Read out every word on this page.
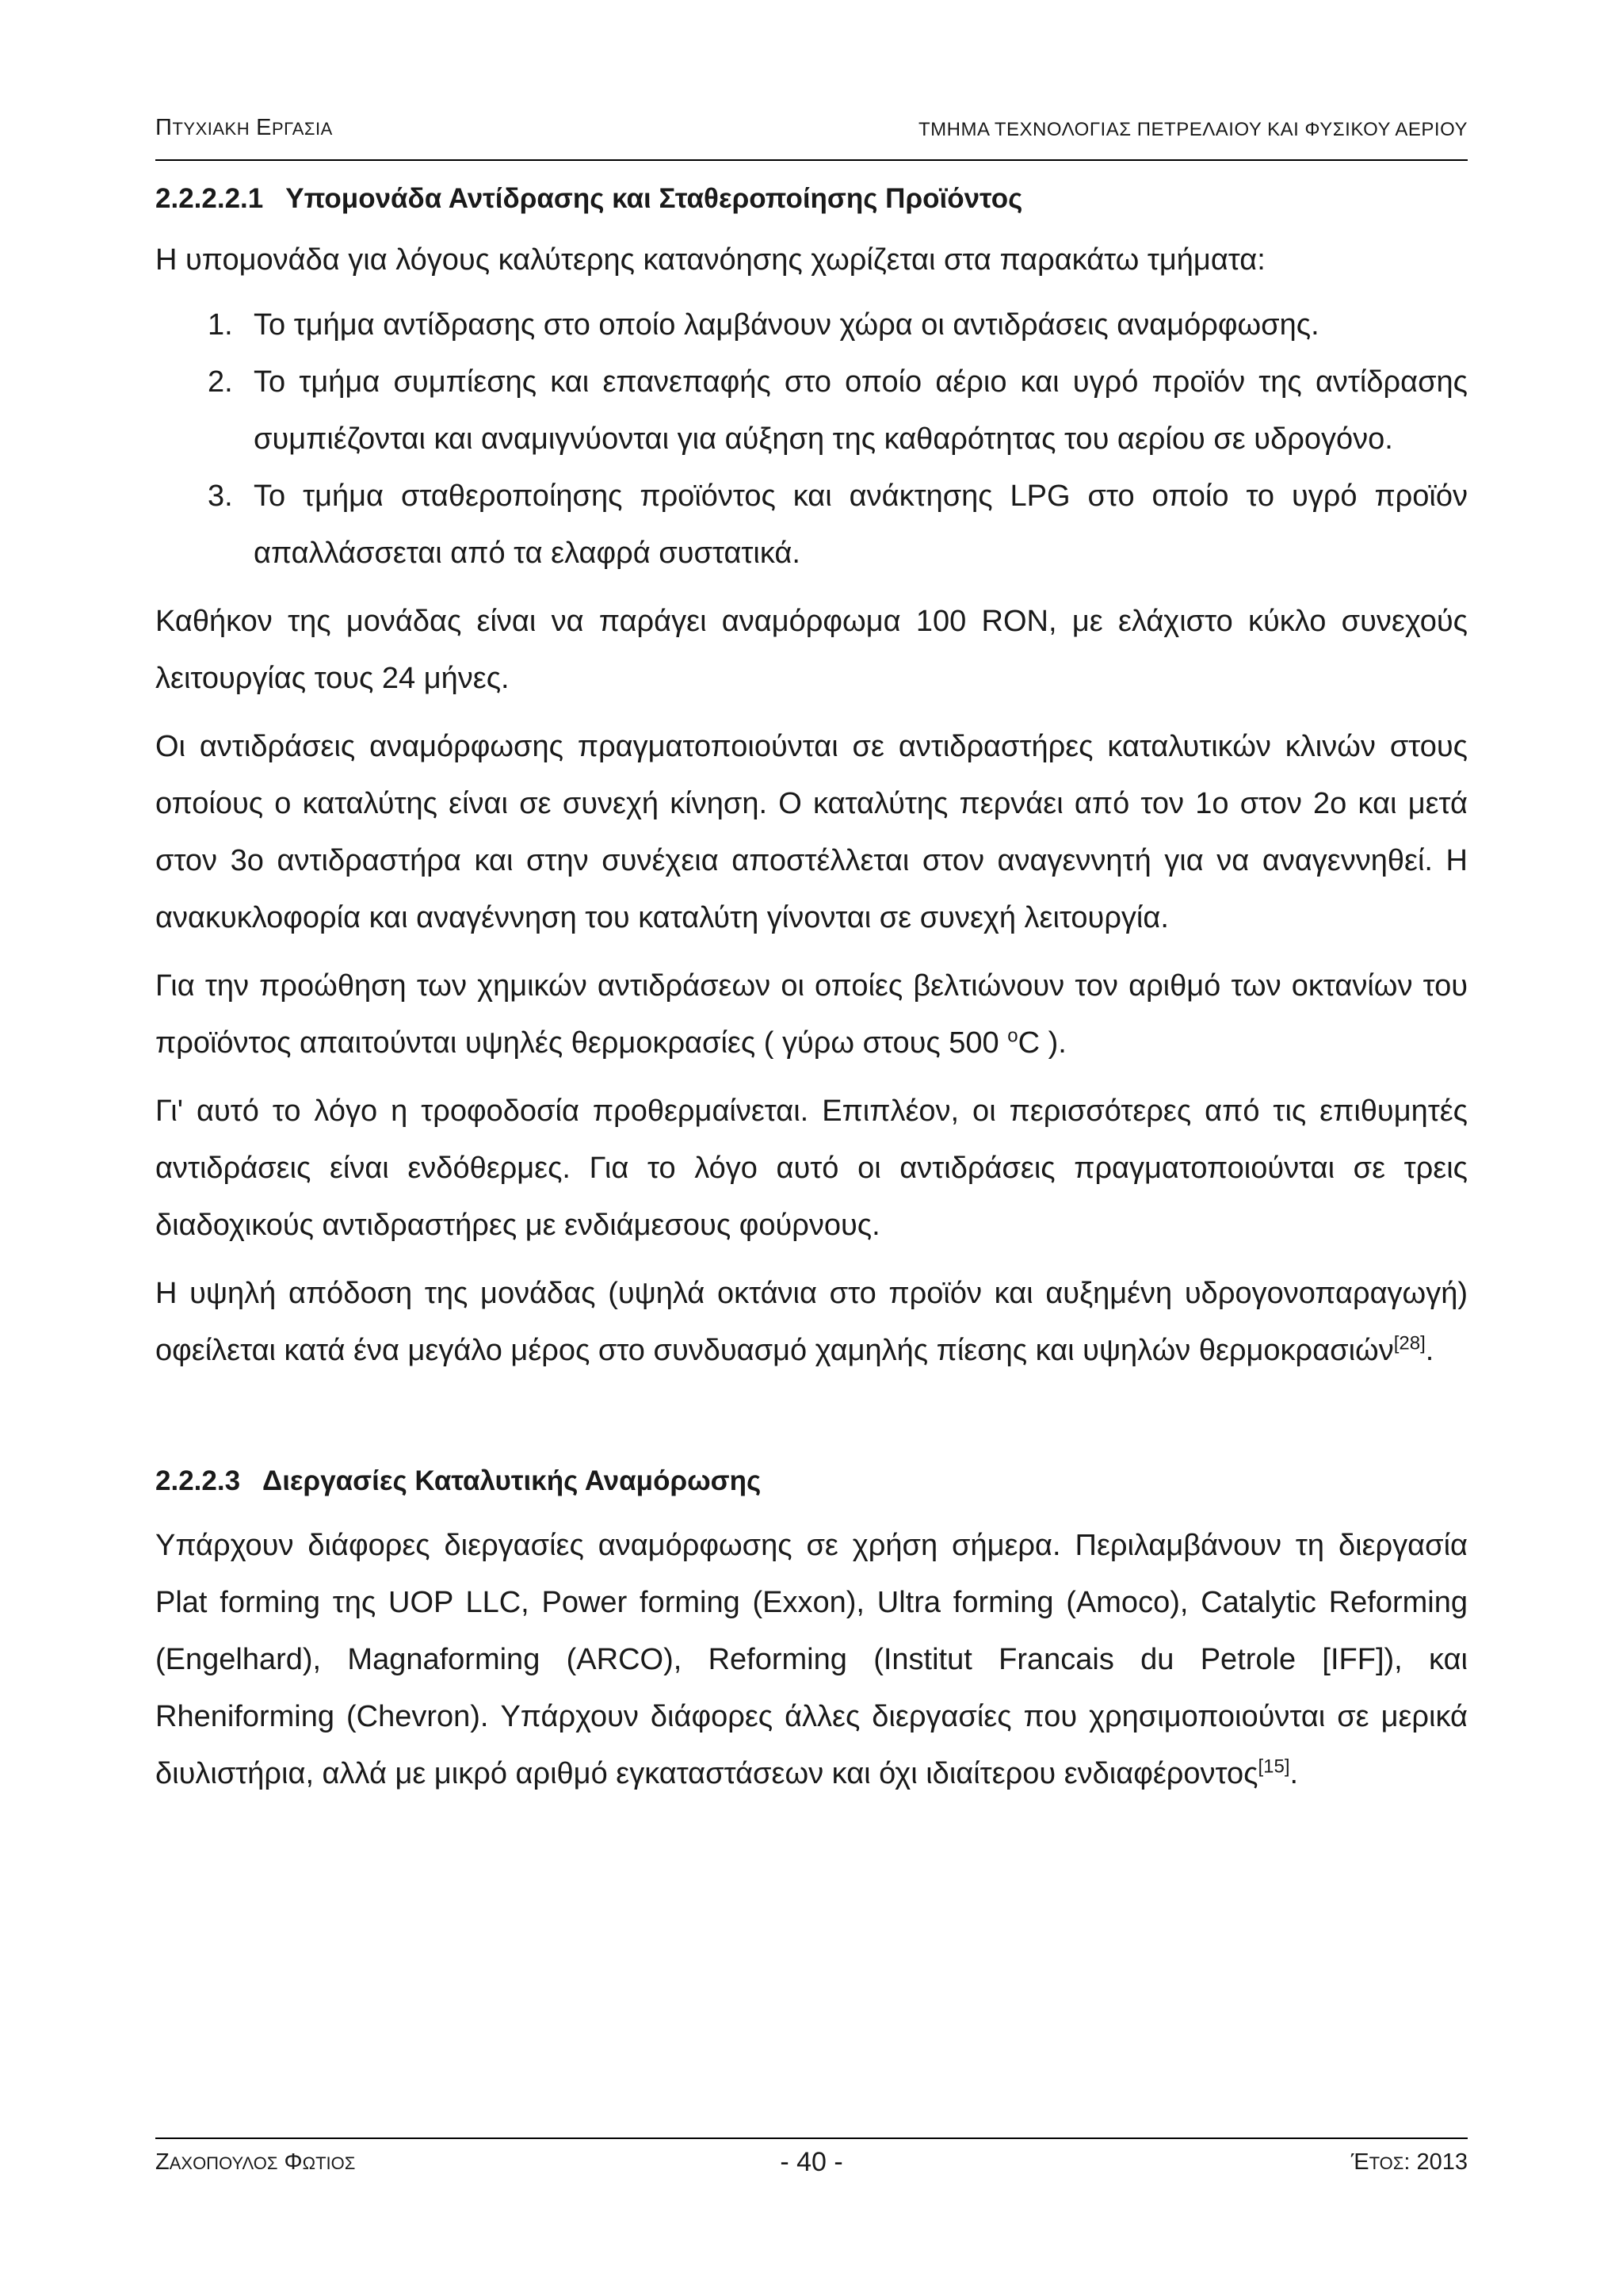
ΠΤΥΧΙΑΚΗ ΕΡΓΑΣΙΑ	ΤΜΗΜΑ ΤΕΧΝΟΛΟΓΙΑΣ ΠΕΤΡΕΛΑΙΟΥ ΚΑΙ ΦΥΣΙΚΟΥ ΑΕΡΙΟΥ
2.2.2.2.1 Υπομονάδα Αντίδρασης και Σταθεροποίησης Προϊόντος

Η υπομονάδα για λόγους καλύτερης κατανόησης χωρίζεται στα παρακάτω τμήματα:

1. Το τμήμα αντίδρασης στο οποίο λαμβάνουν χώρα οι αντιδράσεις αναμόρφωσης.
2. Το τμήμα συμπίεσης και επανεπαφής στο οποίο αέριο και υγρό προϊόν της αντίδρασης συμπιέζονται και αναμιγνύονται για αύξηση της καθαρότητας του αερίου σε υδρογόνο.
3. Το τμήμα σταθεροποίησης προϊόντος και ανάκτησης LPG στο οποίο το υγρό προϊόν απαλλάσσεται από τα ελαφρά συστατικά.

Καθήκον της μονάδας είναι να παράγει αναμόρφωμα 100 RON, με ελάχιστο κύκλο συνεχούς λειτουργίας τους 24 μήνες.

Οι αντιδράσεις αναμόρφωσης πραγματοποιούνται σε αντιδραστήρες καταλυτικών κλινών στους οποίους ο καταλύτης είναι σε συνεχή κίνηση. Ο καταλύτης περνάει από τον 1ο στον 2ο και μετά στον 3ο αντιδραστήρα και στην συνέχεια αποστέλλεται στον αναγεννητή για να αναγεννηθεί. Η ανακυκλοφορία και αναγέννηση του καταλύτη γίνονται σε συνεχή λειτουργία.

Για την προώθηση των χημικών αντιδράσεων οι οποίες βελτιώνουν τον αριθμό των οκτανίων του προϊόντος απαιτούνται υψηλές θερμοκρασίες ( γύρω στους 500 $^o$C ).

Γι' αυτό το λόγο η τροφοδοσία προθερμαίνεται. Επιπλέον, οι περισσότερες από τις επιθυμητές αντιδράσεις είναι ενδόθερμες. Για το λόγο αυτό οι αντιδράσεις πραγματοποιούνται σε τρεις διαδοχικούς αντιδραστήρες με ενδιάμεσους φούρνους.

Η υψηλή απόδοση της μονάδας (υψηλά οκτάνια στο προϊόν και αυξημένη υδρογονοπαραγωγή) οφείλεται κατά ένα μεγάλο μέρος στο συνδυασμό χαμηλής πίεσης και υψηλών θερμοκρασιών[28].

2.2.2.3 Διεργασίες Καταλυτικής Αναμόρωσης

Υπάρχουν διάφορες διεργασίες αναμόρφωσης σε χρήση σήμερα. Περιλαμβάνουν τη διεργασία Plat forming της UOP LLC, Power forming (Exxon), Ultra forming (Amoco), Catalytic Reforming (Engelhard), Magnaforming (ARCO), Reforming (Institut Francais du Petrole [IFF]), και Rheniforming (Chevron). Υπάρχουν διάφορες άλλες διεργασίες που χρησιμοποιούνται σε μερικά διυλιστήρια, αλλά με μικρό αριθμό εγκαταστάσεων και όχι ιδιαίτερου ενδιαφέροντος[15].

ΖΑΧΟΠΟΥΛΟΣ ΦΩΤΙΟΣ	- 40 -	ΈΤΟΣ: 2013
